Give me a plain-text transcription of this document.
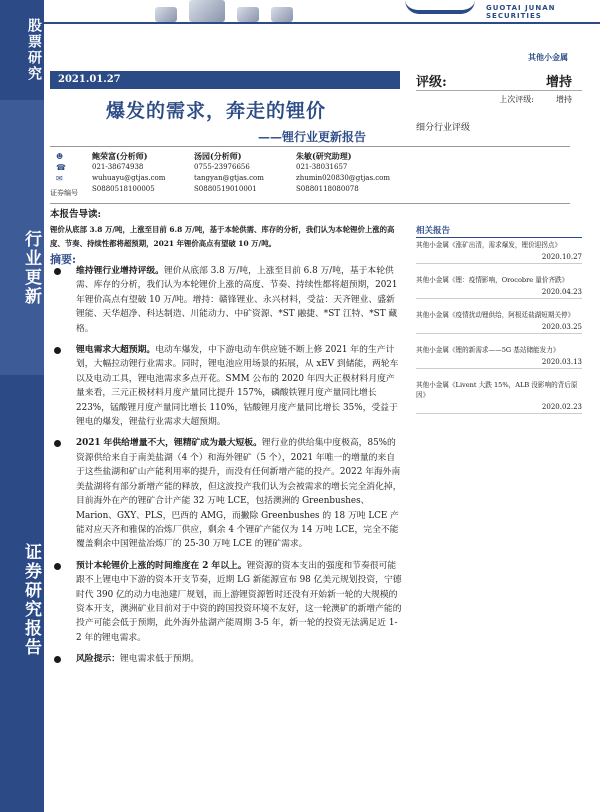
股票研究
行业更新
证券研究报告
GUOTAI JUNAN SECURITIES
其他小金属
2021.01.27
爆发的需求，奔走的锂价
——锂行业更新报告
评级:	增持
上次评级:	增持
细分行业评级
☻
☎
✉
证券编号
鲍荣富(分析师)
021-38674938
wuhuayu@gtjas.com
S0880518100005
汤园(分析师)
0755-23976656
tangyan@gtjas.com
S0880519010001
朱敏(研究助理)
021-38031657
zhumin020830@gtjas.com
S0880118080078
本报告导读:
锂价从底部 3.8 万/吨，上涨至目前 6.8 万/吨，基于本轮供需、库存的分析，我们认为本轮锂价上涨的高度、节奏、持续性都将超预期，2021 年锂价高点有望破 10 万/吨。
摘要:
维持锂行业增持评级。锂价从底部 3.8 万/吨，上涨至目前 6.8 万/吨，基于本轮供需、库存的分析，我们认为本轮锂价上涨的高度、节奏、持续性都将超预期，2021 年锂价高点有望破 10 万/吨。增持：赣锋锂业、永兴材料，受益：天齐锂业、盛新锂能、天华超净、科达制造、川能动力、中矿资源、*ST 融捷、*ST 江特、*ST 藏格。
锂电需求大超预期。电动车爆发，中下游电动车供应链不断上修 2021 年的生产计划，大幅拉动锂行业需求。同时，锂电池应用场景的拓展，从 xEV 到储能，两轮车以及电动工具，锂电池需求多点开花。SMM 公布的 2020 年四大正极材料月度产量来看，三元正极材料月度产量同比提升 157%，磷酸铁锂月度产量同比增长 223%，锰酸锂月度产量同比增长 110%，钴酸锂月度产量同比增长 35%，受益于锂电的爆发，锂盐行业需求大超预期。
2021 年供给增量不大，锂精矿成为最大短板。锂行业的供给集中度极高，85%的资源供给来自于南美盐湖（4 个）和海外锂矿（5 个），2021 年唯一的增量的来自于这些盐湖和矿山产能利用率的提升，而没有任何新增产能的投产。2022 年海外南美盐湖将有部分新增产能的释放，但这波投产我们认为会被需求的增长完全消化掉，目前海外在产的锂矿合计产能 32 万吨 LCE，包括澳洲的 Greenbushes、Marion、GXY、PLS，巴西的 AMG，而撇除 Greenbushes 的 18 万吨 LCE 产能对应天齐和雅保的冶炼厂供应，剩余 4 个锂矿产能仅为 14 万吨 LCE，完全不能覆盖剩余中国锂盐冶炼厂的 25-30 万吨 LCE 的锂矿需求。
预计本轮锂价上涨的时间维度在 2 年以上。锂资源的资本支出的强度和节奏很可能跟不上锂电中下游的资本开支节奏，近期 LG 新能源宣布 98 亿美元规划投资，宁德时代 390 亿的动力电池建厂规划，而上游锂资源暂时还没有开始新一轮的大规模的资本开支，澳洲矿业目前对于中资的跨国投资环境不友好，这一轮澳矿的新增产能的投产可能会低于预期，此外海外盐湖产能周期 3-5 年，新一轮的投资无法满足近 1-2 年的锂电需求。
风险提示：锂电需求低于预期。
相关报告
其他小金属《涨矿出清，需求爆发，锂价迎拐点》
2020.10.27
其他小金属《锂：疫情影响，Orocobre 量价齐跌》
2020.04.23
其他小金属《疫情扰动锂供给，阿根廷盐湖短期关停》
2020.03.25
其他小金属《锂的新需求——5G 基站储能发力》
2020.03.13
其他小金属《Livent 大跌 15%，ALB 没影响的背后原因》
2020.02.23
